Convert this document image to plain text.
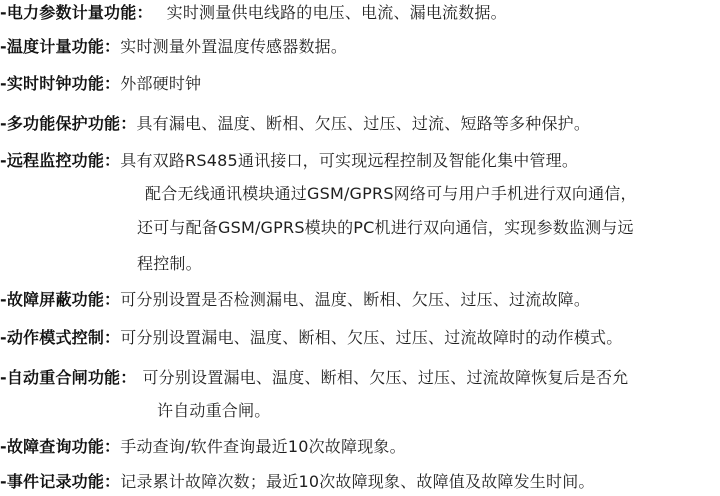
-电力参数计量功能： 实时测量供电线路的电压、电流、漏电流数据。
-温度计量功能：实时测量外置温度传感器数据。
-实时时钟功能：外部硬时钟
-多功能保护功能：具有漏电、温度、断相、欠压、过压、过流、短路等多种保护。
-远程监控功能：具有双路RS485通讯接口，可实现远程控制及智能化集中管理。
配合无线通讯模块通过GSM/GPRS网络可与用户手机进行双向通信，
还可与配备GSM/GPRS模块的PC机进行双向通信，实现参数监测与远
程控制。
-故障屏蔽功能：可分别设置是否检测漏电、温度、断相、欠压、过压、过流故障。
-动作模式控制：可分别设置漏电、温度、断相、欠压、过压、过流故障时的动作模式。
-自动重合闸功能： 可分别设置漏电、温度、断相、欠压、过压、过流故障恢复后是否允
许自动重合闸。
-故障查询功能：手动查询/软件查询最近10次故障现象。
-事件记录功能：记录累计故障次数；最近10次故障现象、故障值及故障发生时间。
